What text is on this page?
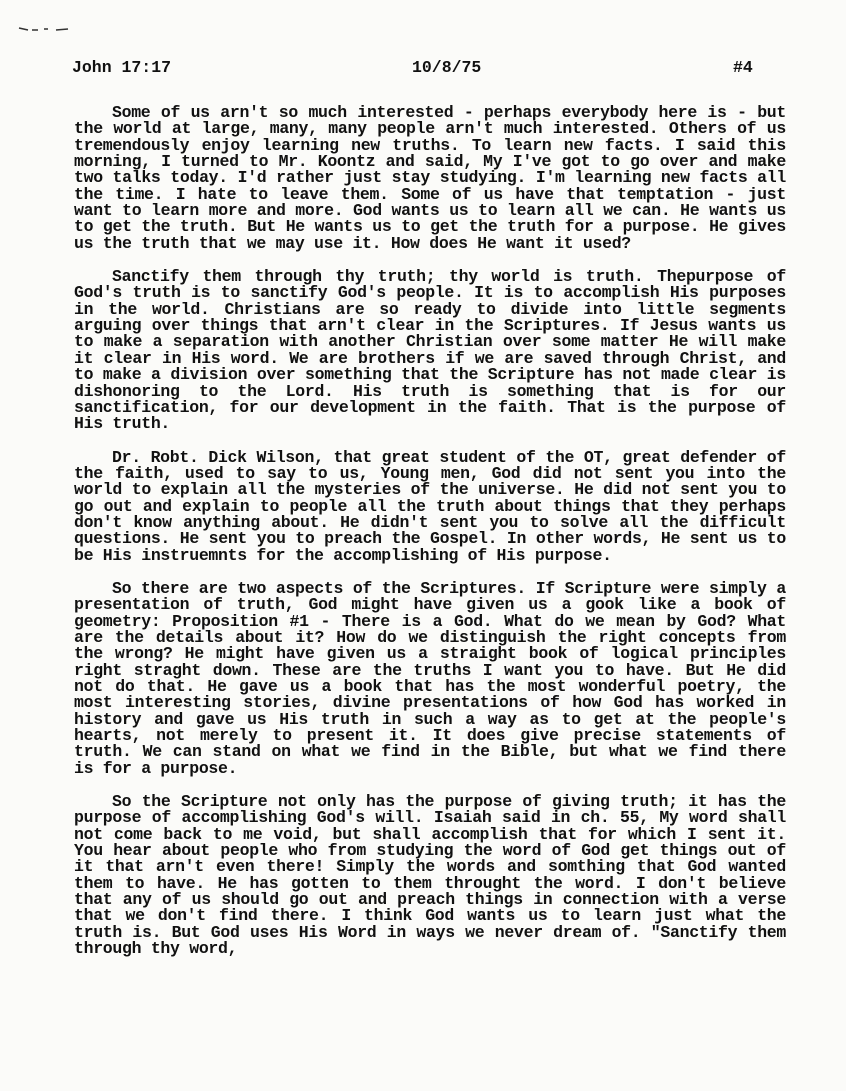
John 17:17	10/8/75	#4

Some of us arn't so much interested - perhaps everybody here is - but the world at large, many, many people arn't much interested. Others of us tremendously enjoy learning new truths. To learn new facts. I said this morning, I turned to Mr. Koontz and said, My I've got to go over and make two talks today. I'd rather just stay studying. I'm learning new facts all the time. I hate to leave them. Some of us have that temptation - just want to learn more and more. God wants us to learn all we can. He wants us to get the truth. But He wants us to get the truth for a purpose. He gives us the truth that we may use it. How does He want it used?

Sanctify them through thy truth; thy world is truth. Thepurpose of God's truth is to sanctify God's people. It is to accomplish His purposes in the world. Christians are so ready to divide into little segments arguing over things that arn't clear in the Scriptures. If Jesus wants us to make a separation with another Christian over some matter He will make it clear in His word. We are brothers if we are saved through Christ, and to make a division over something that the Scripture has not made clear is dishonoring to the Lord. His truth is something that is for our sanctification, for our development in the faith. That is the purpose of His truth.

Dr. Robt. Dick Wilson, that great student of the OT, great defender of the faith, used to say to us, Young men, God did not sent you into the world to explain all the mysteries of the universe. He did not sent you to go out and explain to people all the truth about things that they perhaps don't know anything about. He didn't sent you to solve all the difficult questions. He sent you to preach the Gospel. In other words, He sent us to be His instruemnts for the accomplishing of His purpose.

So there are two aspects of the Scriptures. If Scripture were simply a presentation of truth, God might have given us a gook like a book of geometry: Proposition #1 - There is a God. What do we mean by God? What are the details about it? How do we distinguish the right concepts from the wrong? He might have given us a straight book of logical principles right straght down. These are the truths I want you to have. But He did not do that. He gave us a book that has the most wonderful poetry, the most interesting stories, divine presentations of how God has worked in history and gave us His truth in such a way as to get at the people's hearts, not merely to present it. It does give precise statements of truth. We can stand on what we find in the Bible, but what we find there is for a purpose.

So the Scripture not only has the purpose of giving truth; it has the purpose of accomplishing God's will. Isaiah said in ch. 55, My word shall not come back to me void, but shall accomplish that for which I sent it. You hear about people who from studying the word of God get things out of it that arn't even there! Simply the words and somthing that God wanted them to have. He has gotten to them throught the word. I don't believe that any of us should go out and preach things in connection with a verse that we don't find there. I think God wants us to learn just what the truth is. But God uses His Word in ways we never dream of. "Sanctify them through thy word,
